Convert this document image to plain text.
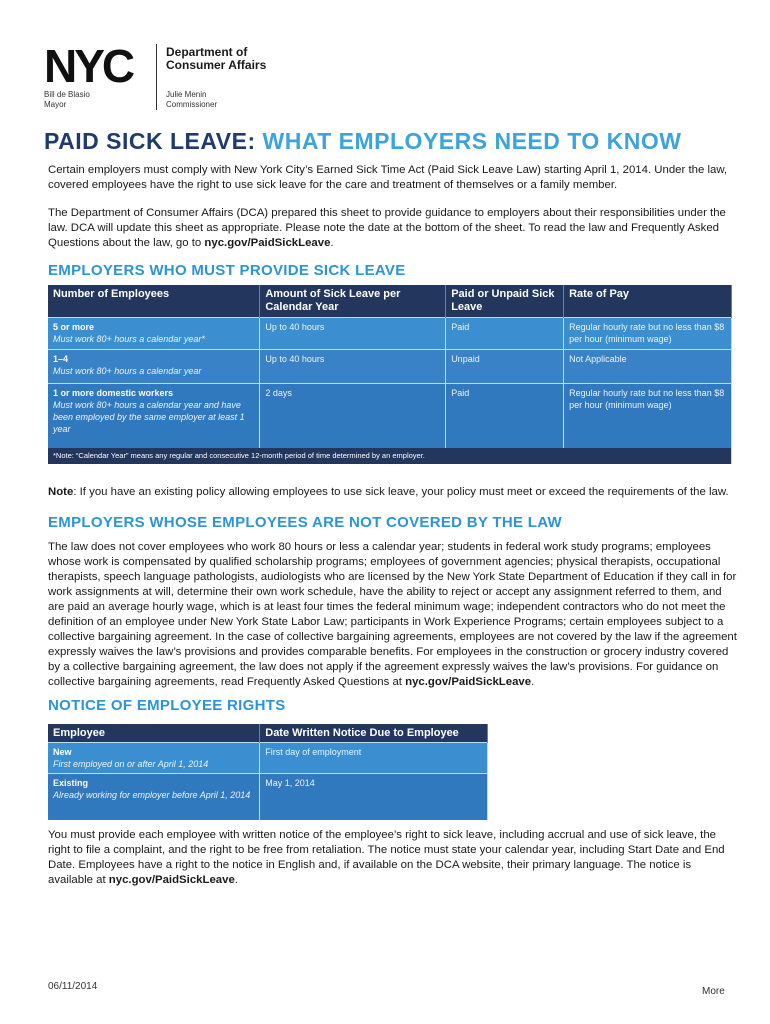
NYC	Department of
Consumer Affairs
Bill de Blasio
Mayor
Julie Menin
Commissioner
PAID SICK LEAVE: WHAT EMPLOYERS NEED TO KNOW
Certain employers must comply with New York City’s Earned Sick Time Act (Paid Sick Leave Law) starting April 1, 2014. Under the law, covered employees have the right to use sick leave for the care and treatment of themselves or a family member.
The Department of Consumer Affairs (DCA) prepared this sheet to provide guidance to employers about their responsibilities under the law. DCA will update this sheet as appropriate. Please note the date at the bottom of the sheet. To read the law and Frequently Asked Questions about the law, go to nyc.gov/PaidSickLeave.
EMPLOYERS WHO MUST PROVIDE SICK LEAVE
Number of Employees	Amount of Sick Leave per Calendar Year	Paid or Unpaid Sick Leave	Rate of Pay

5 or more
Must work 80+ hours a calendar year*	Up to 40 hours	Paid	Regular hourly rate but no less than $8 per hour (minimum wage)

1–4
Must work 80+ hours a calendar year	Up to 40 hours	Unpaid	Not Applicable

1 or more domestic workers
Must work 80+ hours a calendar year and have been employed by the same employer at least 1 year	2 days	Paid	Regular hourly rate but no less than $8 per hour (minimum wage)
*Note: “Calendar Year” means any regular and consecutive 12-month period of time determined by an employer.			
Note: If you have an existing policy allowing employees to use sick leave, your policy must meet or exceed the requirements of the law.
EMPLOYERS WHOSE EMPLOYEES ARE NOT COVERED BY THE LAW
The law does not cover employees who work 80 hours or less a calendar year; students in federal work study programs; employees whose work is compensated by qualified scholarship programs; employees of government agencies; physical therapists, occupational therapists, speech language pathologists, audiologists who are licensed by the New York State Department of Education if they call in for work assignments at will, determine their own work schedule, have the ability to reject or accept any assignment referred to them, and are paid an average hourly wage, which is at least four times the federal minimum wage; independent contractors who do not meet the definition of an employee under New York State Labor Law; participants in Work Experience Programs; certain employees subject to a collective bargaining agreement. In the case of collective bargaining agreements, employees are not covered by the law if the agreement expressly waives the law’s provisions and provides comparable benefits. For employees in the construction or grocery industry covered by a collective bargaining agreement, the law does not apply if the agreement expressly waives the law’s provisions. For guidance on collective bargaining agreements, read Frequently Asked Questions at nyc.gov/PaidSickLeave.
NOTICE OF EMPLOYEE RIGHTS
Employee	Date Written Notice Due to Employee

New
First employed on or after April 1, 2014	First day of employment

Existing
Already working for employer before April 1, 2014	May 1, 2014
You must provide each employee with written notice of the employee’s right to sick leave, including accrual and use of sick leave, the right to file a complaint, and the right to be free from retaliation. The notice must state your calendar year, including Start Date and End Date. Employees have a right to the notice in English and, if available on the DCA website, their primary language. The notice is available at nyc.gov/PaidSickLeave.
06/11/2014	More
